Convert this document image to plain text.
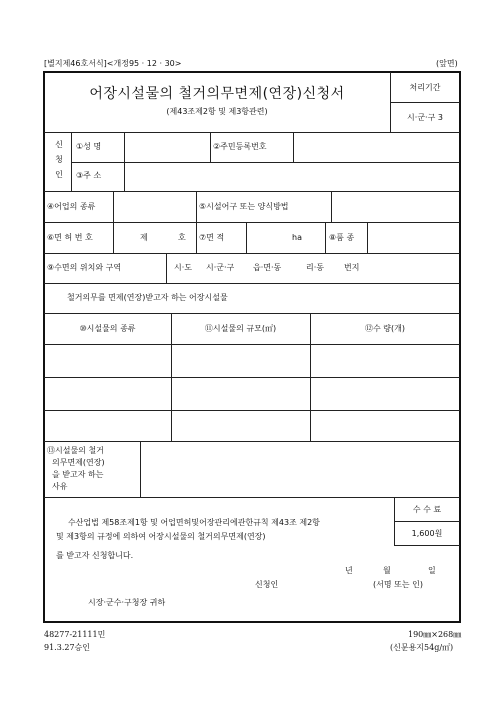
[별지제46호서식]<개정95 · 12 · 30>	(앞면)
어장시설물의 철거의무면제(연장)신청서
(제43조제2항 및 제3항관련)
처리기간
시·군·구 3
신
청
인
①성 명	②주민등록번호
③주 소
④어업의 종류	⑤시설어구 또는 양식방법
⑥면 허 번 호	제	호 ⑦면 적	ha	⑧품 종
⑨수면의 위치와 구역	시·도 시·군·구 읍·면·동	리·동	번지
철거의무를 면제(연장)받고자 하는 어장시설물
⑩시설물의 종류	⑪시설물의 규모(㎡)	⑫수 량(개)
⑬시설물의 철거
의무면제(연장)
을 받고자 하는
사유
수 수 료
1,600원
수산업법 제58조제1항 및 어업면허및어장관리에관한규칙 제43조 제2항
및 제3항의 규정에 의하여 어장시설물의 철거의무면제(연장)
를 받고자 신청합니다.
년	월	일
신청인	(서명 또는 인)
시장·군수·구청장 귀하
48277-21111민
91.3.27승인
190㎜×268㎜
(신문용지54g/㎡)
